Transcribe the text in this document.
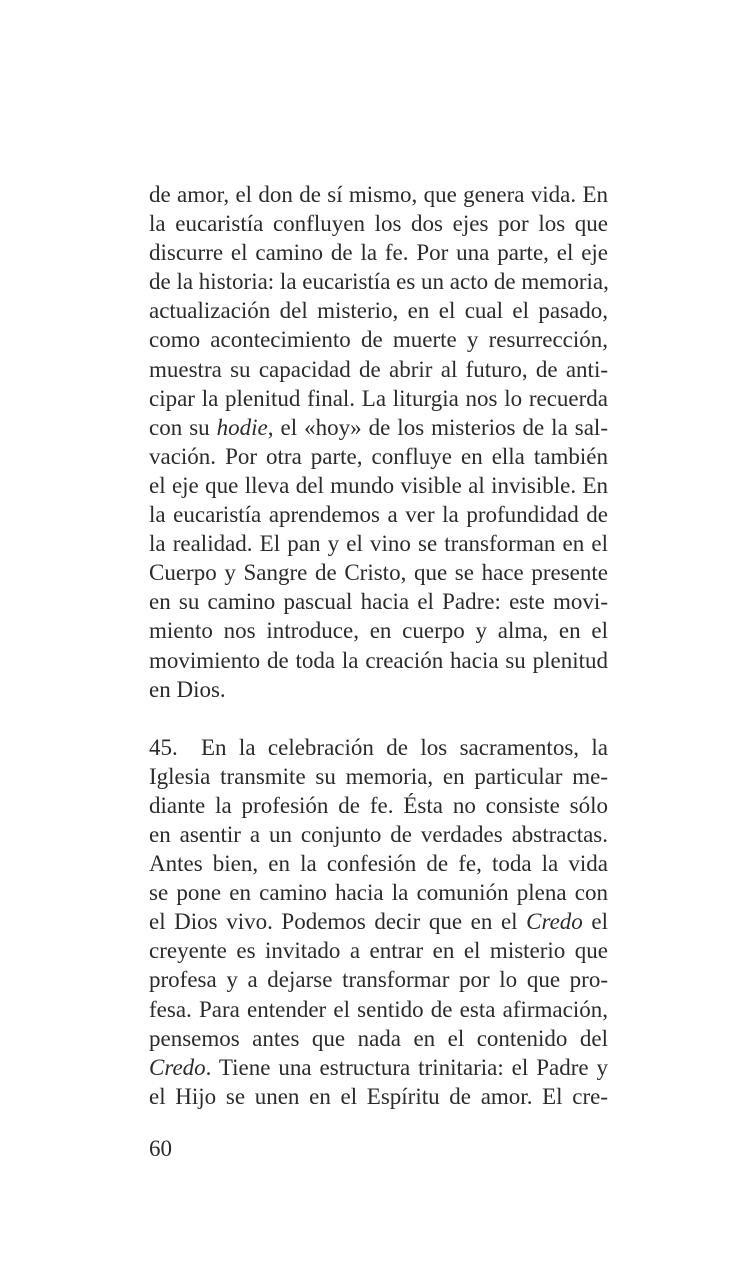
de amor, el don de sí mismo, que genera vida. En
la eucaristía confluyen los dos ejes por los que
discurre el camino de la fe. Por una parte, el eje
de la historia: la eucaristía es un acto de memoria,
actualización del misterio, en el cual el pasado,
como acontecimiento de muerte y resurrección,
muestra su capacidad de abrir al futuro, de anti-
cipar la plenitud final. La liturgia nos lo recuerda
con su hodie, el «hoy» de los misterios de la sal-
vación. Por otra parte, confluye en ella también
el eje que lleva del mundo visible al invisible. En
la eucaristía aprendemos a ver la profundidad de
la realidad. El pan y el vino se transforman en el
Cuerpo y Sangre de Cristo, que se hace presente
en su camino pascual hacia el Padre: este movi-
miento nos introduce, en cuerpo y alma, en el
movimiento de toda la creación hacia su plenitud
en Dios.

45. En la celebración de los sacramentos, la
Iglesia transmite su memoria, en particular me-
diante la profesión de fe. Ésta no consiste sólo
en asentir a un conjunto de verdades abstractas.
Antes bien, en la confesión de fe, toda la vida
se pone en camino hacia la comunión plena con
el Dios vivo. Podemos decir que en el Credo el
creyente es invitado a entrar en el misterio que
profesa y a dejarse transformar por lo que pro-
fesa. Para entender el sentido de esta afirmación,
pensemos antes que nada en el contenido del
Credo. Tiene una estructura trinitaria: el Padre y
el Hijo se unen en el Espíritu de amor. El cre-

60
